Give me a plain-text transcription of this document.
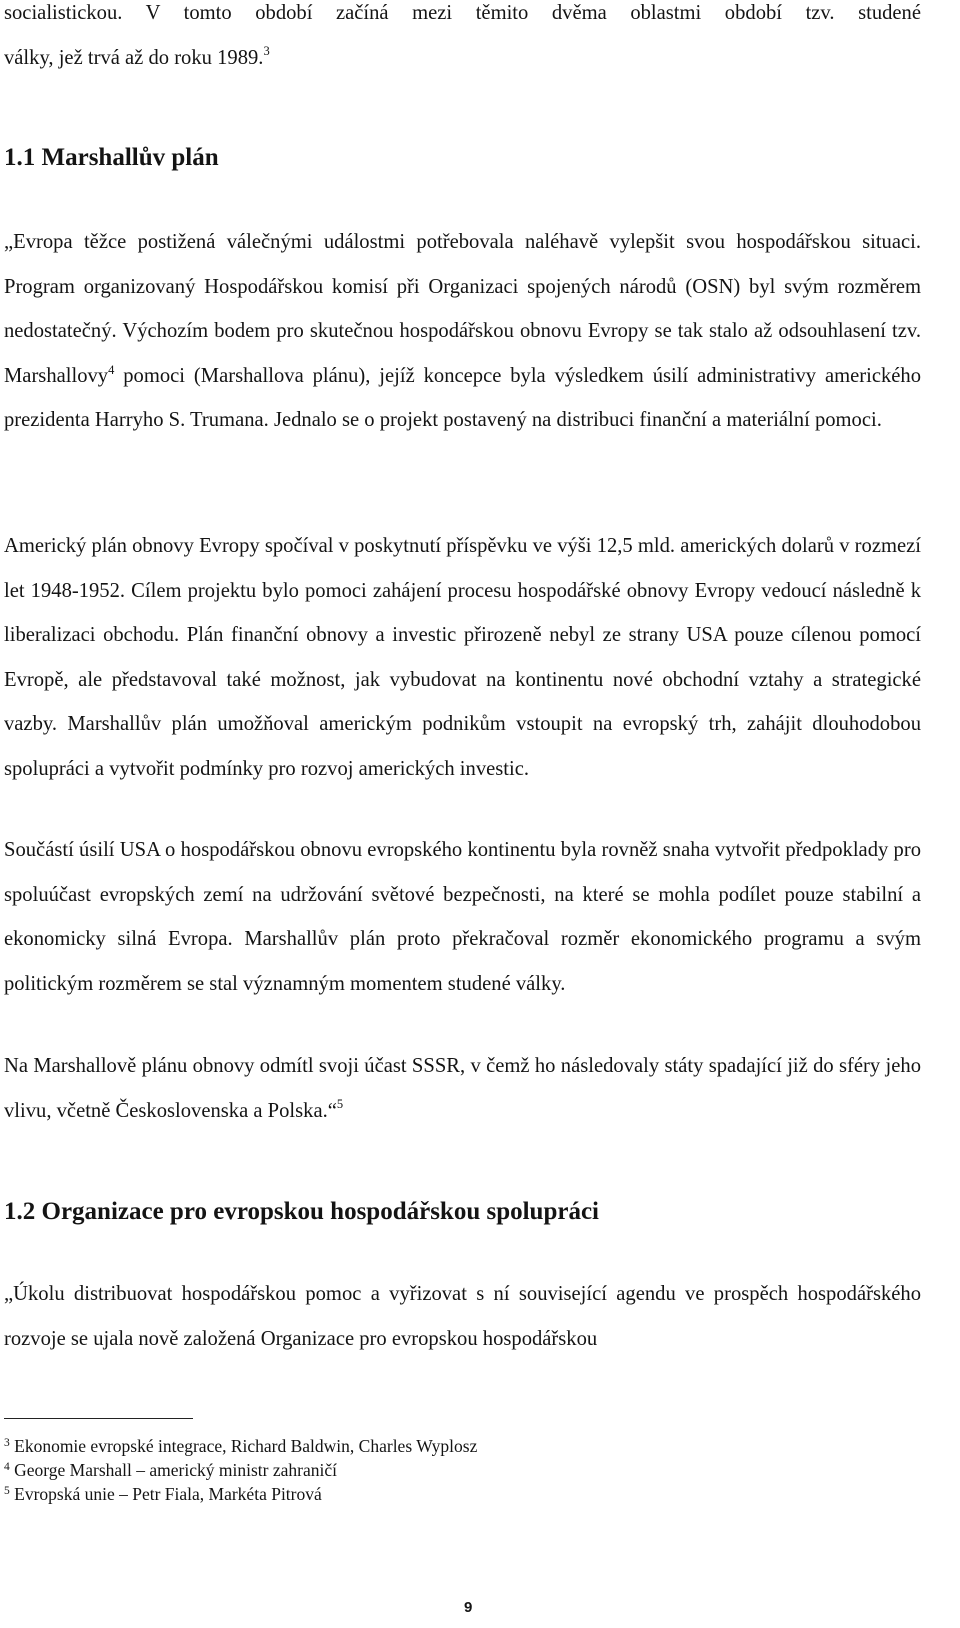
socialistickou. V tomto období začíná mezi těmito dvěma oblastmi období tzv. studené
války, jež trvá až do roku 1989.$^3$
1.1 Marshallův plán
„Evropa těžce postižená válečnými událostmi potřebovala naléhavě vylepšit svou hospodářskou situaci. Program organizovaný Hospodářskou komisí při Organizaci spojených národů (OSN) byl svým rozměrem nedostatečný. Výchozím bodem pro skutečnou hospodářskou obnovu Evropy se tak stalo až odsouhlasení tzv. Marshallovy$^4$ pomoci (Marshallova plánu), jejíž koncepce byla výsledkem úsilí administrativy amerického prezidenta Harryho S. Trumana. Jednalo se o projekt postavený na distribuci finanční a materiální pomoci.
Americký plán obnovy Evropy spočíval v poskytnutí příspěvku ve výši 12,5 mld. amerických dolarů v rozmezí let 1948-1952. Cílem projektu bylo pomoci zahájení procesu hospodářské obnovy Evropy vedoucí následně k liberalizaci obchodu. Plán finanční obnovy a investic přirozeně nebyl ze strany USA pouze cílenou pomocí Evropě, ale představoval také možnost, jak vybudovat na kontinentu nové obchodní vztahy a strategické vazby. Marshallův plán umožňoval americkým podnikům vstoupit na evropský trh, zahájit dlouhodobou spolupráci a vytvořit podmínky pro rozvoj amerických investic.
Součástí úsilí USA o hospodářskou obnovu evropského kontinentu byla rovněž snaha vytvořit předpoklady pro spoluúčast evropských zemí na udržování světové bezpečnosti, na které se mohla podílet pouze stabilní a ekonomicky silná Evropa. Marshallův plán proto překračoval rozměr ekonomického programu a svým politickým rozměrem se stal významným momentem studené války.
Na Marshallově plánu obnovy odmítl svoji účast SSSR, v čemž ho následovaly státy spadající již do sféry jeho vlivu, včetně Československa a Polska.“$^5$
1.2 Organizace pro evropskou hospodářskou spolupráci
„Úkolu distribuovat hospodářskou pomoc a vyřizovat s ní související agendu ve prospěch hospodářského rozvoje se ujala nově založená Organizace pro evropskou hospodářskou
$^3$ Ekonomie evropské integrace, Richard Baldwin, Charles Wyplosz
$^4$ George Marshall – americký ministr zahraničí
$^5$ Evropská unie – Petr Fiala, Markéta Pitrová
9
